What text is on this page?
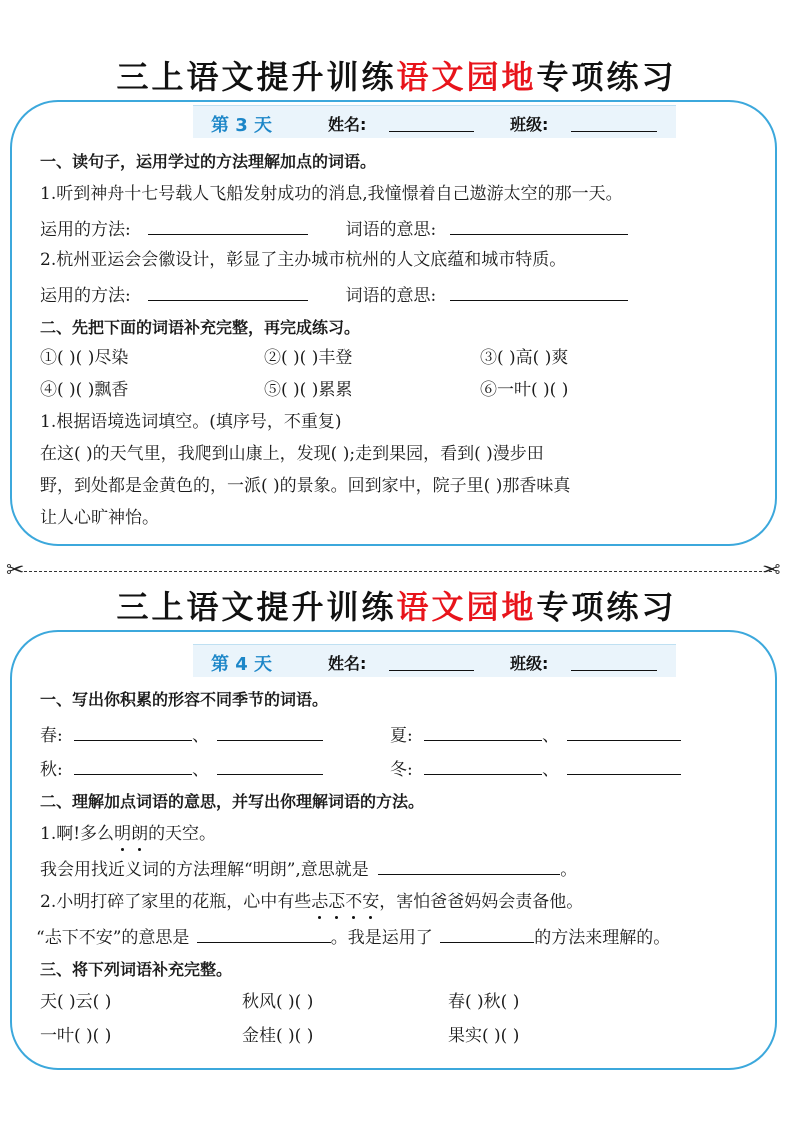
三上语文提升训练语文园地专项练习
第 3 天	姓名:	班级:
一、读句子，运用学过的方法理解加点的词语。
1.听到神舟十七号载人飞船发射成功的消息,我憧憬着自己遨游太空的那一天。
运用的方法:	词语的意思:
2.杭州亚运会会徽设计，彰显了主办城市杭州的人文底蕴和城市特质。
运用的方法:	词语的意思:
二、先把下面的词语补充完整，再完成练习。
①( )( )尽染	②( )( )丰登	③( )高( )爽
④( )( )飘香	⑤( )( )累累	⑥一叶( )( )
1.根据语境选词填空。(填序号，不重复)
在这( )的天气里，我爬到山康上，发现( );走到果园，看到( )漫步田
野，到处都是金黄色的，一派( )的景象。回到家中，院子里( )那香味真
让人心旷神怡。
✂	✂
三上语文提升训练语文园地专项练习
第 4 天	姓名:	班级:
一、写出你积累的形容不同季节的词语。
春:	、	夏:	、
秋:	、	冬:	、
二、理解加点词语的意思，并写出你理解词语的方法。
1.啊!多么明朗的天空。
我会用找近义词的方法理解“明朗”,意思就是	。
2.小明打碎了家里的花瓶，心中有些忐忑不安，害怕爸爸妈妈会责备他。
“忐下不安”的意思是	。我是运用了	的方法来理解的。
三、将下列词语补充完整。
天( )云( )	秋风( )( )	春( )秋( )
一叶( )( )	金桂( )( )	果实( )( )
